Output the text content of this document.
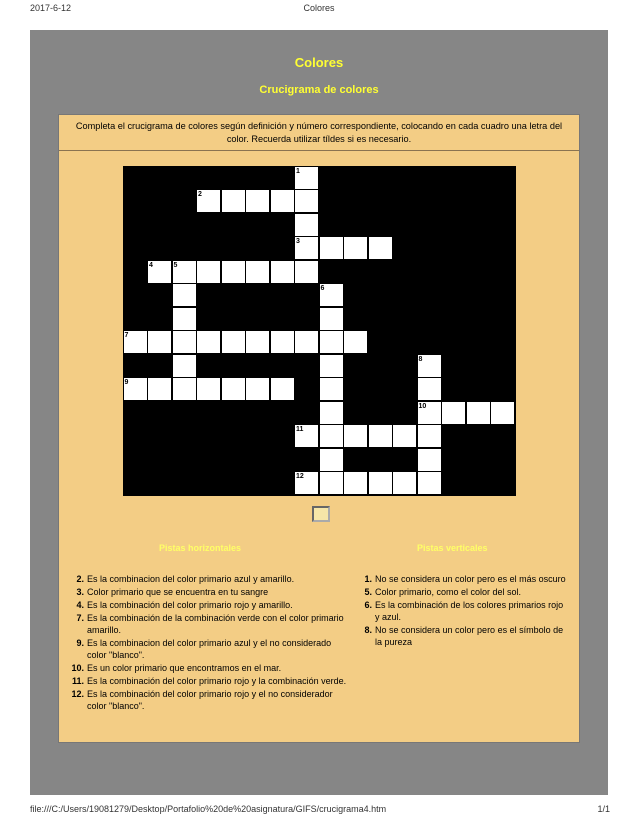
2017-6-12	Colores
Colores
Crucigrama de colores
Completa el crucigrama de colores según definición y número correspondiente, colocando en cada cuadro una letra del color. Recuerda utilizar tíldes si es necesario.
1
3
2
4	5
6
7
8
10
9
11
12
Pistas horizontales	Pistas verticales
2. Es la combinacion del color primario azul y amarillo.
3. Color primario que se encuentra en tu sangre
4. Es la combinación del color primario rojo y amarillo.
7. Es la combinación de la combinación verde con el color primario amarillo.
9. Es la combinacion del color primario azul y el no considerado color "blanco".
10. Es un color primario que encontramos en el mar.
11. Es la combinación del color primario rojo y la combinación verde.
12. Es la combinación del color primario rojo y el no considerador color "blanco".
1. No se considera un color pero es el más oscuro
5. Color primario, como el color del sol.
6. Es la combinación de los colores primarios rojo y azul.
8. No se considera un color pero es el símbolo de la pureza
file:///C:/Users/19081279/Desktop/Portafolio%20de%20asignatura/GIFS/crucigrama4.htm	1/1
